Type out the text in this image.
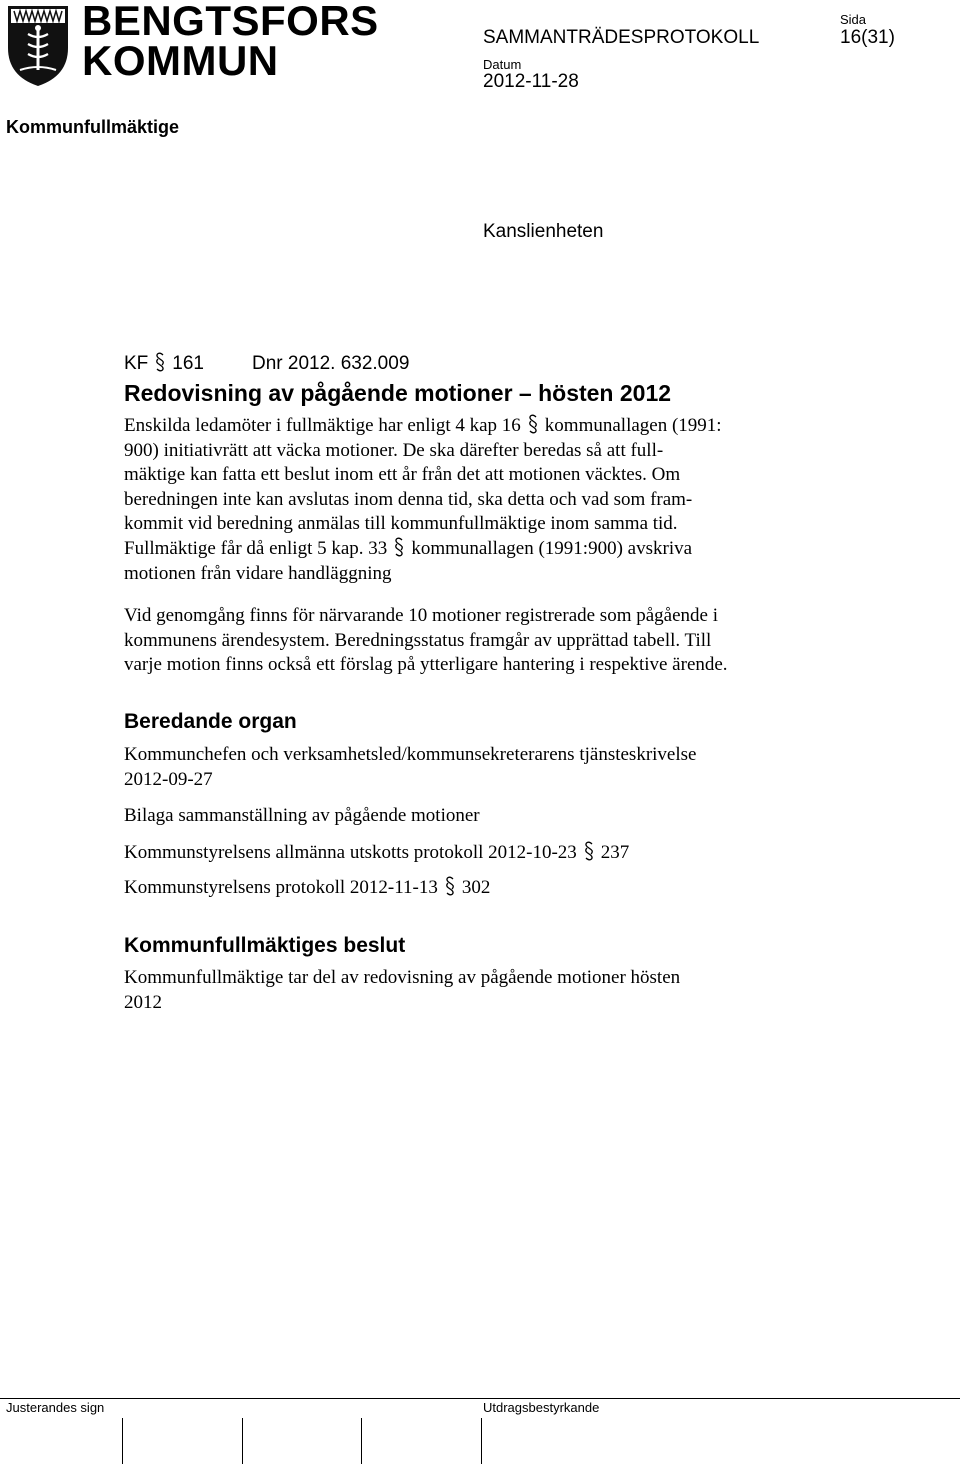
BENGTSFORS
KOMMUN	SAMMANTRÄDESPROTOKOLL
Sida
16(31)
Datum
2012-11-28
Kommunfullmäktige
Kanslienheten
KF 161	Dnr 2012. 632.009
Redovisning av pågående motioner – hösten 2012
Enskilda ledamöter i fullmäktige har enligt 4 kap 16 kommunallagen (1991:
900) initiativrätt att väcka motioner. De ska därefter beredas så att full-
mäktige kan fatta ett beslut inom ett år från det att motionen väcktes. Om
beredningen inte kan avslutas inom denna tid, ska detta och vad som fram-
kommit vid beredning anmälas till kommunfullmäktige inom samma tid.
Fullmäktige får då enligt 5 kap. 33 kommunallagen (1991:900) avskriva
motionen från vidare handläggning
Vid genomgång finns för närvarande 10 motioner registrerade som pågående i
kommunens ärendesystem. Beredningsstatus framgår av upprättad tabell. Till
varje motion finns också ett förslag på ytterligare hantering i respektive ärende.
Beredande organ
Kommunchefen och verksamhetsled/kommunsekreterarens tjänsteskrivelse
2012-09-27
Bilaga sammanställning av pågående motioner
Kommunstyrelsens allmänna utskotts protokoll 2012-10-23 237
Kommunstyrelsens protokoll 2012-11-13 302
Kommunfullmäktiges beslut
Kommunfullmäktige tar del av redovisning av pågående motioner hösten
2012
Justerandes sign	Utdragsbestyrkande
